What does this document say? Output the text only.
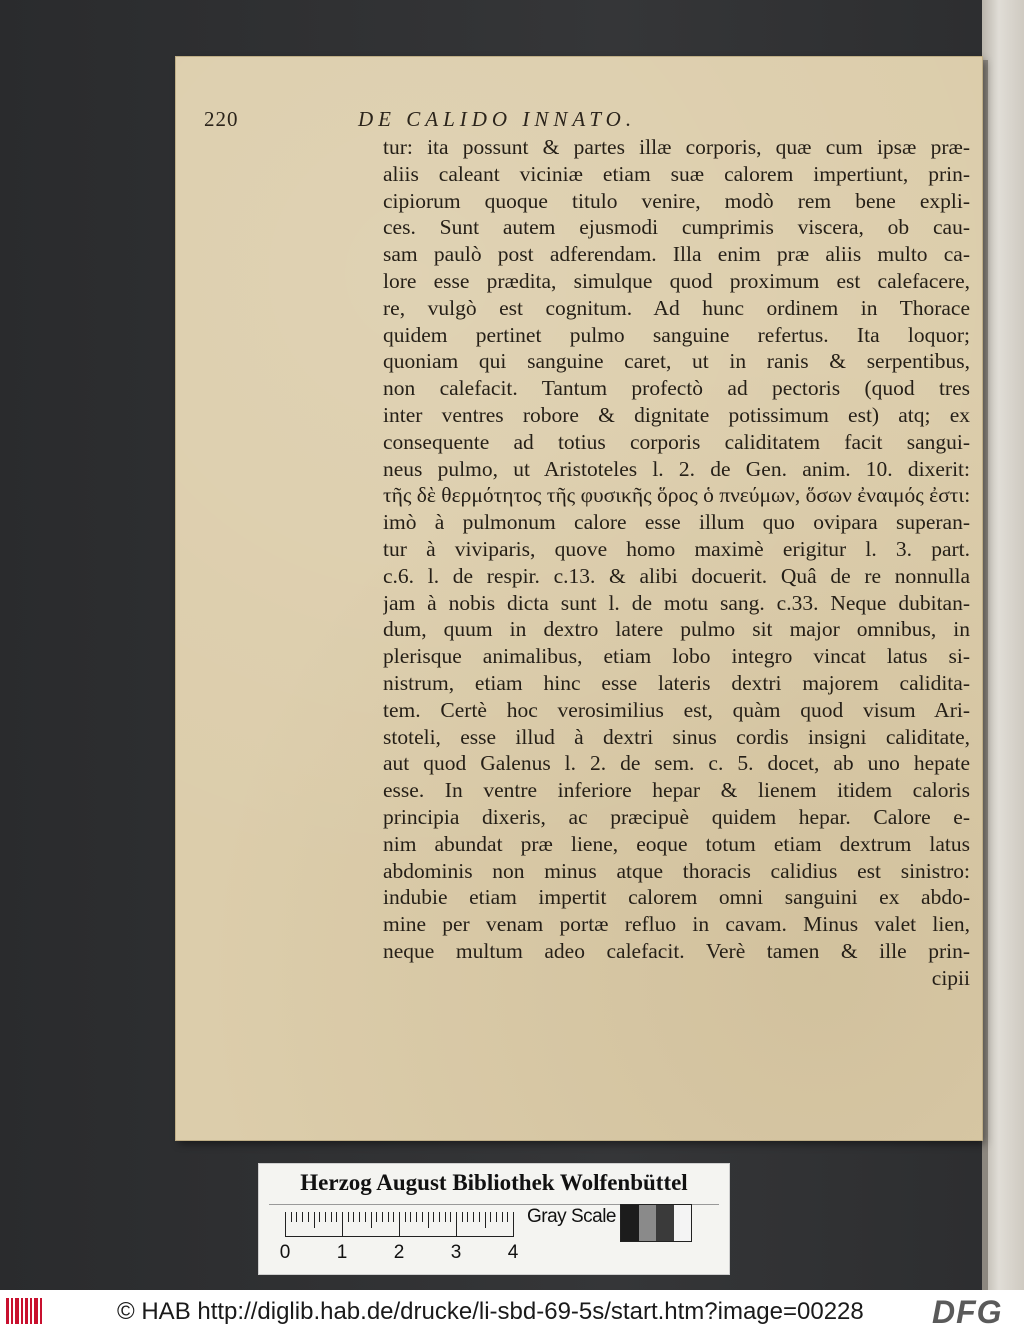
220	DE CALIDO INNATO.
tur: ita possunt & partes illæ corporis, quæ cum ipsæ præ-
aliis caleant viciniæ etiam suæ calorem impertiunt, prin-
cipiorum quoque titulo venire, modò rem bene expli-
ces. Sunt autem ejusmodi cumprimis viscera, ob cau-
sam paulò post adferendam. Illa enim præ aliis multo ca-
lore esse prædita, simulque quod proximum est calefacere,
re, vulgò est cognitum. Ad hunc ordinem in Thorace
quidem pertinet pulmo sanguine refertus. Ita loquor;
quoniam qui sanguine caret, ut in ranis & serpentibus,
non calefacit. Tantum profectò ad pectoris (quod tres
inter ventres robore & dignitate potissimum est) atq; ex
consequente ad totius corporis caliditatem facit sangui-
neus pulmo, ut Aristoteles l. 2. de Gen. anim. 10. dixerit:
τῆς δὲ θερμότητος τῆς φυσικῆς ὅρος ὁ πνεύμων, ὅσων ἐναιμός ἐστι:
imò à pulmonum calore esse illum quo ovipara superan-
tur à viviparis, quove homo maximè erigitur l. 3. part.
c.6. l. de respir. c.13. & alibi docuerit. Quâ de re nonnulla
jam à nobis dicta sunt l. de motu sang. c.33. Neque dubitan-
dum, quum in dextro latere pulmo sit major omnibus, in
plerisque animalibus, etiam lobo integro vincat latus si-
nistrum, etiam hinc esse lateris dextri majorem calidita-
tem. Certè hoc verosimilius est, quàm quod visum Ari-
stoteli, esse illud à dextri sinus cordis insigni caliditate,
aut quod Galenus l. 2. de sem. c. 5. docet, ab uno hepate
esse. In ventre inferiore hepar & lienem itidem caloris
principia dixeris, ac præcipuè quidem hepar. Calore e-
nim abundat præ liene, eoque totum etiam dextrum latus
abdominis non minus atque thoracis calidius est sinistro:
indubie etiam impertit calorem omni sanguini ex abdo-
mine per venam portæ refluo in cavam. Minus valet lien,
neque multum adeo calefacit. Verè tamen & ille prin-
cipii
Herzog August Bibliothek Wolfenbüttel
0 1 2 3 4
Gray Scale
© HAB http://diglib.hab.de/drucke/li-sbd-69-5s/start.htm?image=00228 DFG
